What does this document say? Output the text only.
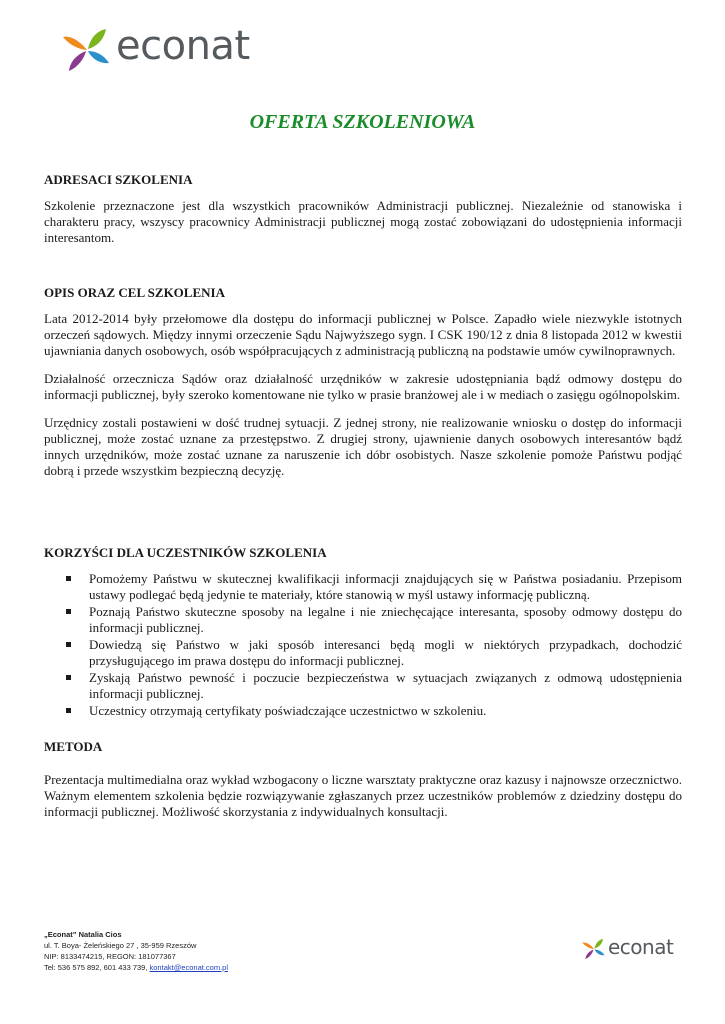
econat
OFERTA SZKOLENIOWA

ADRESACI SZKOLENIA

Szkolenie przeznaczone jest dla wszystkich pracowników Administracji publicznej. Niezależnie od stanowiska i charakteru pracy, wszyscy pracownicy Administracji publicznej mogą zostać zobowiązani do udostępnienia informacji interesantom.

OPIS ORAZ CEL SZKOLENIA

Lata 2012-2014 były przełomowe dla dostępu do informacji publicznej w Polsce. Zapadło wiele niezwykle istotnych orzeczeń sądowych. Między innymi orzeczenie Sądu Najwyższego sygn. I CSK 190/12 z dnia 8 listopada 2012 w kwestii ujawniania danych osobowych, osób współpracujących z administracją publiczną na podstawie umów cywilnoprawnych.

Działalność orzecznicza Sądów oraz działalność urzędników w zakresie udostępniania bądź odmowy dostępu do informacji publicznej, były szeroko komentowane nie tylko w prasie branżowej ale i w mediach o zasięgu ogólnopolskim.

Urzędnicy zostali postawieni w dość trudnej sytuacji. Z jednej strony, nie realizowanie wniosku o dostęp do informacji publicznej, może zostać uznane za przestępstwo. Z drugiej strony, ujawnienie danych osobowych interesantów bądź innych urzędników, może zostać uznane za naruszenie ich dóbr osobistych. Nasze szkolenie pomoże Państwu podjąć dobrą i przede wszystkim bezpieczną decyzję.

KORZYŚCI DLA UCZESTNIKÓW SZKOLENIA

Pomożemy Państwu w skutecznej kwalifikacji informacji znajdujących się w Państwa posiadaniu. Przepisom ustawy podlegać będą jedynie te materiały, które stanowią w myśl ustawy informację publiczną.
Poznają Państwo skuteczne sposoby na legalne i nie zniechęcające interesanta, sposoby odmowy dostępu do informacji publicznej.
Dowiedzą się Państwo w jaki sposób interesanci będą mogli w niektórych przypadkach, dochodzić przysługującego im prawa dostępu do informacji publicznej.
Zyskają Państwo pewność i poczucie bezpieczeństwa w sytuacjach związanych z odmową udostępnienia informacji publicznej.
Uczestnicy otrzymają certyfikaty poświadczające uczestnictwo w szkoleniu.

METODA

Prezentacja multimedialna oraz wykład wzbogacony o liczne warsztaty praktyczne oraz kazusy i najnowsze orzecznictwo. Ważnym elementem szkolenia będzie rozwiązywanie zgłaszanych przez uczestników problemów z dziedziny dostępu do informacji publicznej. Możliwość skorzystania z indywidualnych konsultacji.

„Econat” Natalia Cios
ul. T. Boya- Żeleńskiego 27 , 35-959 Rzeszów
NIP: 8133474215, REGON: 181077367
Tel: 536 575 892, 601 433 739, kontakt@econat.com.pl
econat
